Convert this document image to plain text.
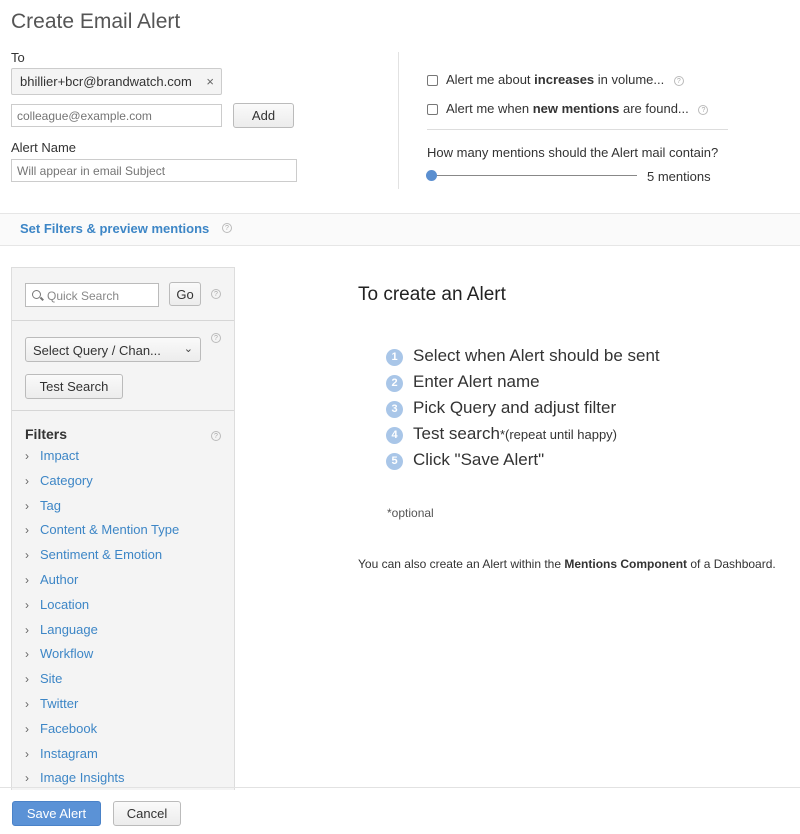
Create Email Alert
To
bhillier+bcr@brandwatch.com ×
colleague@example.com
Add
Alert Name
Will appear in email Subject
Alert me about increases in volume... ?
Alert me when new mentions are found... ?
How many mentions should the Alert mail contain?
5 mentions
Set Filters & preview mentions	?
Quick Search	Go	?
Select Query / Chan... ⌄
?
Test Search
Filters	?
› Impact
› Category
› Tag
› Content & Mention Type
› Sentiment & Emotion
› Author
› Location
› Language
› Workflow
› Site
› Twitter
› Facebook
› Instagram
› Image Insights
To create an Alert
1 Select when Alert should be sent
2 Enter Alert name
3 Pick Query and adjust filter
4 Test search*(repeat until happy)
5 Click "Save Alert"
*optional
You can also create an Alert within the Mentions Component of a Dashboard.
Save Alert	Cancel
